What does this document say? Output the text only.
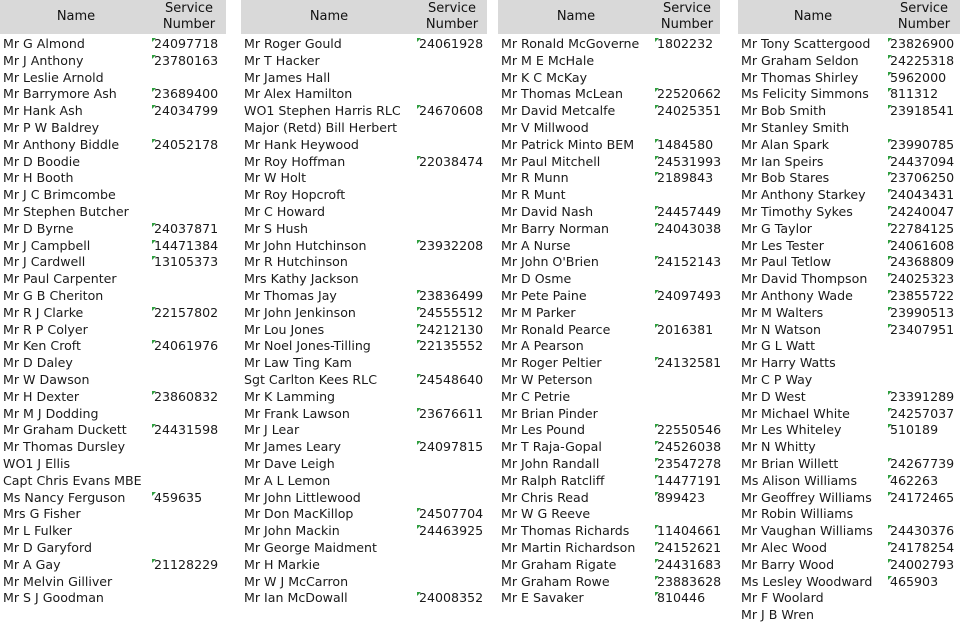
Name
Service
Number
Mr G Almond	24097718
Mr J Anthony	23780163
Mr Leslie Arnold
Mr Barrymore Ash	23689400
Mr Hank Ash	24034799
Mr P W Baldrey
Mr Anthony Biddle	24052178
Mr D Boodie
Mr H Booth
Mr J C Brimcombe
Mr Stephen Butcher
Mr D Byrne	24037871
Mr J Campbell	14471384
Mr J Cardwell	13105373
Mr Paul Carpenter
Mr G B Cheriton
Mr R J Clarke	22157802
Mr R P Colyer
Mr Ken Croft	24061976
Mr D Daley
Mr W Dawson
Mr H Dexter	23860832
Mr M J Dodding
Mr Graham Duckett 24431598
Mr Thomas Dursley
WO1 J Ellis
Capt Chris Evans MBE
Ms Nancy Ferguson 459635
Mrs G Fisher
Mr L Fulker
Mr D Garyford
Mr A Gay	21128229
Mr Melvin Gilliver
Mr S J Goodman
Name
Service
Number
Mr Roger Gould	24061928
Mr T Hacker
Mr James Hall
Mr Alex Hamilton
WO1 Stephen Harris RLC 24670608
Major (Retd) Bill Herbert
Mr Hank Heywood
Mr Roy Hoffman	22038474
Mr W Holt
Mr Roy Hopcroft
Mr C Howard
Mr S Hush
Mr John Hutchinson	23932208
Mr R Hutchinson
Mrs Kathy Jackson
Mr Thomas Jay	23836499
Mr John Jenkinson	24555512
Mr Lou Jones	24212130
Mr Noel Jones-Tilling	22135552
Mr Law Ting Kam
Sgt Carlton Kees RLC	24548640
Mr K Lamming
Mr Frank Lawson	23676611
Mr J Lear
Mr James Leary	24097815
Mr Dave Leigh
Mr A L Lemon
Mr John Littlewood
Mr Don MacKillop	24507704
Mr John Mackin	24463925
Mr George Maidment
Mr H Markie
Mr W J McCarron
Mr Ian McDowall	24008352
Name
Service
Number
Mr Ronald McGoverne 1802232
Mr M E McHale
Mr K C McKay
Mr Thomas McLean	22520662
Mr David Metcalfe	24025351
Mr V Millwood
Mr Patrick Minto BEM 1484580
Mr Paul Mitchell	24531993
Mr R Munn	2189843
Mr R Munt
Mr David Nash	24457449
Mr Barry Norman	24043038
Mr A Nurse
Mr John O'Brien	24152143
Mr D Osme
Mr Pete Paine	24097493
Mr M Parker
Mr Ronald Pearce	2016381
Mr A Pearson
Mr Roger Peltier	24132581
Mr W Peterson
Mr C Petrie
Mr Brian Pinder
Mr Les Pound	22550546
Mr T Raja-Gopal	24526038
Mr John Randall	23547278
Mr Ralph Ratcliff	14477191
Mr Chris Read	899423
Mr W G Reeve
Mr Thomas Richards 11404661
Mr Martin Richardson 24152621
Mr Graham Rigate	24431683
Mr Graham Rowe	23883628
Mr E Savaker	810446
Name
Service
Number
Mr Tony Scattergood 23826900
Mr Graham Seldon 24225318
Mr Thomas Shirley	5962000
Ms Felicity Simmons 811312
Mr Bob Smith	23918541
Mr Stanley Smith
Mr Alan Spark	23990785
Mr Ian Speirs	24437094
Mr Bob Stares	23706250
Mr Anthony Starkey 24043431
Mr Timothy Sykes	24240047
Mr G Taylor	22784125
Mr Les Tester	24061608
Mr Paul Tetlow	24368809
Mr David Thompson 24025323
Mr Anthony Wade	23855722
Mr M Walters	23990513
Mr N Watson	23407951
Mr G L Watt
Mr Harry Watts
Mr C P Way
Mr D West	23391289
Mr Michael White	24257037
Mr Les Whiteley	510189
Mr N Whitty
Mr Brian Willett	24267739
Ms Alison Williams	462263
Mr Geoffrey Williams 24172465
Mr Robin Williams
Mr Vaughan Williams 24430376
Mr Alec Wood	24178254
Mr Barry Wood	24002793
Ms Lesley Woodward 465903
Mr F Woolard
Mr J B Wren
